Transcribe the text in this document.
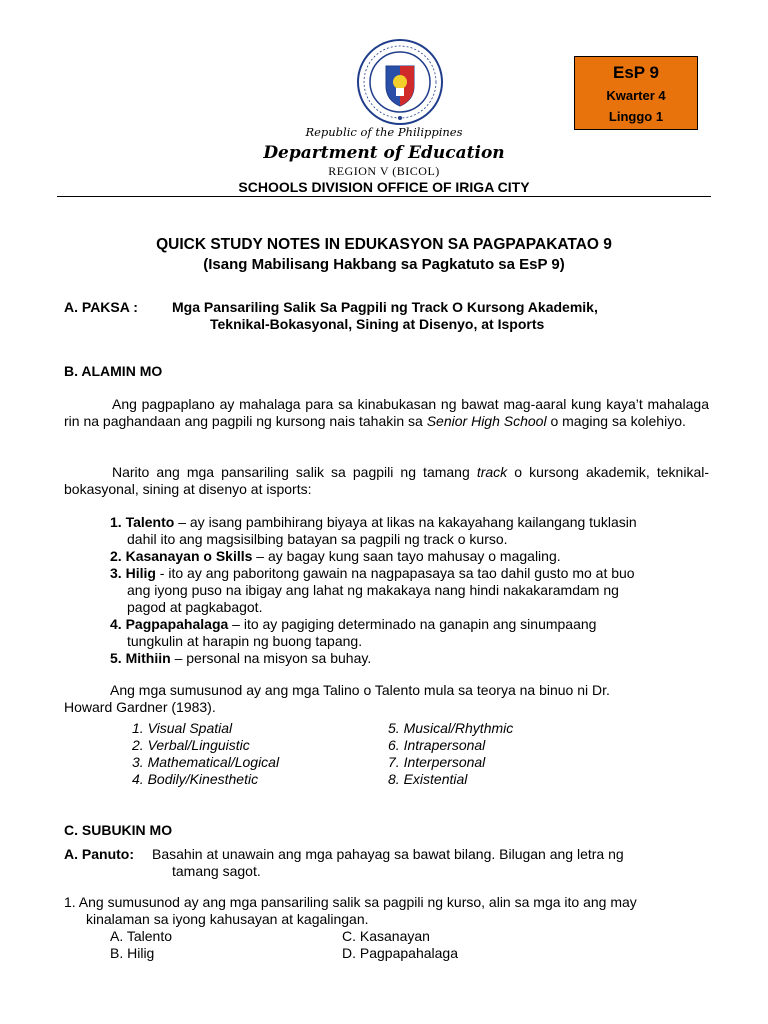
EsP 9
Kwarter 4
Linggo 1
Republic of the Philippines
Department of Education
REGION V (BICOL)
SCHOOLS DIVISION OFFICE OF IRIGA CITY
QUICK STUDY NOTES IN EDUKASYON SA PAGPAPAKATAO 9
(Isang Mabilisang Hakbang sa Pagkatuto sa EsP 9)
A. PAKSA : Mga Pansariling Salik Sa Pagpili ng Track O Kursong Akademik,
Teknikal-Bokasyonal, Sining at Disenyo, at Isports
B. ALAMIN MO
Ang pagpaplano ay mahalaga para sa kinabukasan ng bawat mag-aaral kung kaya’t mahalaga rin na paghandaan ang pagpili ng kursong nais tahakin sa Senior High School o maging sa kolehiyo.
Narito ang mga pansariling salik sa pagpili ng tamang track o kursong akademik, teknikal-bokasyonal, sining at disenyo at isports:
1. Talento – ay isang pambihirang biyaya at likas na kakayahang kailangang tuklasin
dahil ito ang magsisilbing batayan sa pagpili ng track o kurso.
2. Kasanayan o Skills – ay bagay kung saan tayo mahusay o magaling.
3. Hilig - ito ay ang paboritong gawain na nagpapasaya sa tao dahil gusto mo at buo
ang iyong puso na ibigay ang lahat ng makakaya nang hindi nakakaramdam ng
pagod at pagkabagot.
4. Pagpapahalaga – ito ay pagiging determinado na ganapin ang sinumpaang
tungkulin at harapin ng buong tapang.
5. Mithiin – personal na misyon sa buhay.
Ang mga sumusunod ay ang mga Talino o Talento mula sa teorya na binuo ni Dr.
Howard Gardner (1983).
1. Visual Spatial
2. Verbal/Linguistic
3. Mathematical/Logical
4. Bodily/Kinesthetic
5. Musical/Rhythmic
6. Intrapersonal
7. Interpersonal
8. Existential
C. SUBUKIN MO
A. Panuto: Basahin at unawain ang mga pahayag sa bawat bilang. Bilugan ang letra ng
tamang sagot.
1. Ang sumusunod ay ang mga pansariling salik sa pagpili ng kurso, alin sa mga ito ang may
kinalaman sa iyong kahusayan at kagalingan.
A. Talento	C. Kasanayan
B. Hilig	D. Pagpapahalaga
